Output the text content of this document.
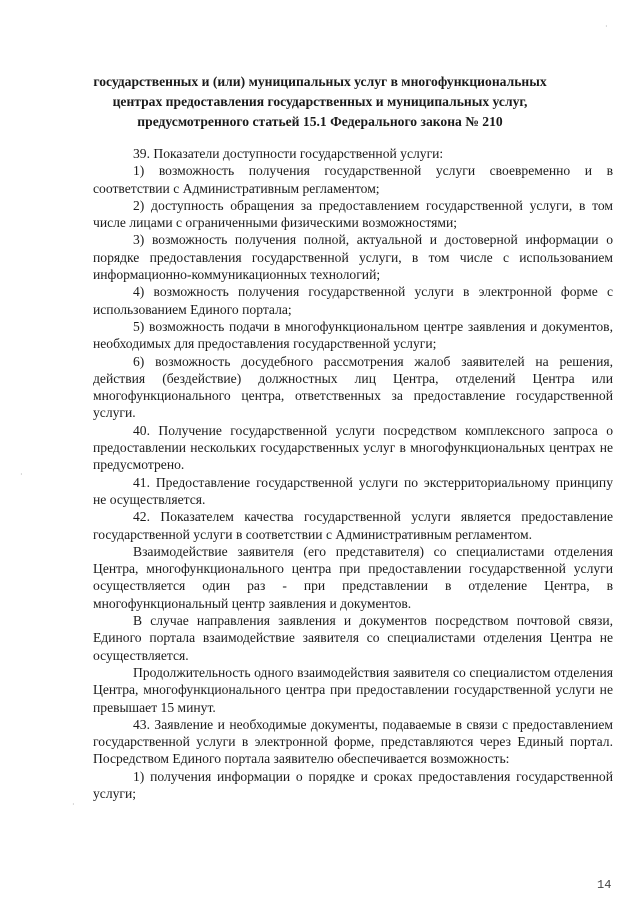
государственных и (или) муниципальных услуг в многофункциональных
центрах предоставления государственных и муниципальных услуг,
предусмотренного статьей 15.1 Федерального закона № 210

39. Показатели доступности государственной услуги:

1) возможность получения государственной услуги своевременно и в соответствии с Административным регламентом;

2) доступность обращения за предоставлением государственной услуги, в том числе лицами с ограниченными физическими возможностями;

3) возможность получения полной, актуальной и достоверной информации о порядке предоставления государственной услуги, в том числе с использованием информационно-коммуникационных технологий;

4) возможность получения государственной услуги в электронной форме с использованием Единого портала;

5) возможность подачи в многофункциональном центре заявления и документов, необходимых для предоставления государственной услуги;

6) возможность досудебного рассмотрения жалоб заявителей на решения, действия (бездействие) должностных лиц Центра, отделений Центра или многофункционального центра, ответственных за предоставление государственной услуги.

40. Получение государственной услуги посредством комплексного запроса о предоставлении нескольких государственных услуг в многофункциональных центрах не предусмотрено.

41. Предоставление государственной услуги по экстерриториальному принципу не осуществляется.

42. Показателем качества государственной услуги является предоставление государственной услуги в соответствии с Административным регламентом.

Взаимодействие заявителя (его представителя) со специалистами отделения Центра, многофункционального центра при предоставлении государственной услуги осуществляется один раз - при представлении в отделение Центра, в многофункциональный центр заявления и документов.

В случае направления заявления и документов посредством почтовой связи, Единого портала взаимодействие заявителя со специалистами отделения Центра не осуществляется.

Продолжительность одного взаимодействия заявителя со специалистом отделения Центра, многофункционального центра при предоставлении государственной услуги не превышает 15 минут.

43. Заявление и необходимые документы, подаваемые в связи с предоставлением государственной услуги в электронной форме, представляются через Единый портал. Посредством Единого портала заявителю обеспечивается возможность:

1) получения информации о порядке и сроках предоставления государственной услуги;

14
·
·
·
